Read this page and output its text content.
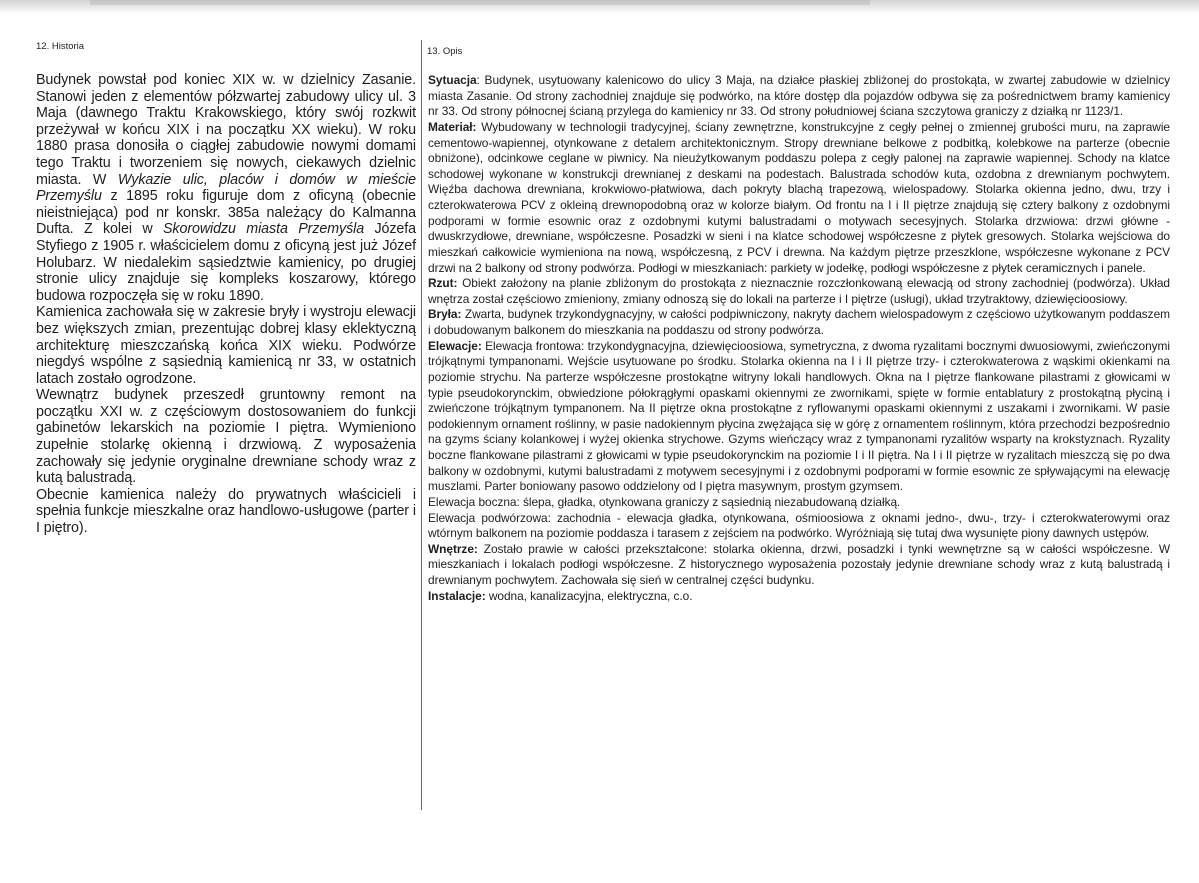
12. Historia	13. Opis

Budynek powstał pod koniec XIX w. w dzielnicy Zasanie. Stanowi jeden z elementów półzwartej zabudowy ulicy ul. 3 Maja (dawnego Traktu Krakowskiego, który swój rozkwit przeżywał w końcu XIX i na początku XX wieku). W roku 1880 prasa donosiła o ciągłej zabudowie nowymi domami tego Traktu i tworzeniem się nowych, ciekawych dzielnic miasta. W Wykazie ulic, placów i domów w mieście Przemyślu z 1895 roku figuruje dom z oficyną (obecnie nieistniejąca) pod nr konskr. 385a należący do Kalmanna Dufta. Z kolei w Skorowidzu miasta Przemyśla Józefa Styfiego z 1905 r. właścicielem domu z oficyną jest już Józef Holubarz. W niedalekim sąsiedztwie kamienicy, po drugiej stronie ulicy znajduje się kompleks koszarowy, którego budowa rozpoczęła się w roku 1890.

Kamienica zachowała się w zakresie bryły i wystroju elewacji bez większych zmian, prezentując dobrej klasy eklektyczną architekturę mieszczańską końca XIX wieku. Podwórze niegdyś wspólne z sąsiednią kamienicą nr 33, w ostatnich latach zostało ogrodzone.

Wewnątrz budynek przeszedł gruntowny remont na początku XXI w. z częściowym dostosowaniem do funkcji gabinetów lekarskich na poziomie I piętra. Wymieniono zupełnie stolarkę okienną i drzwiową. Z wyposażenia zachowały się jedynie oryginalne drewniane schody wraz z kutą balustradą.

Obecnie kamienica należy do prywatnych właścicieli i spełnia funkcje mieszkalne oraz handlowo-usługowe (parter i I piętro).

Sytuacja: Budynek, usytuowany kalenicowo do ulicy 3 Maja, na działce płaskiej zbliżonej do prostokąta, w zwartej zabudowie w dzielnicy miasta Zasanie. Od strony zachodniej znajduje się podwórko, na które dostęp dla pojazdów odbywa się za pośrednictwem bramy kamienicy nr 33. Od strony północnej ścianą przylega do kamienicy nr 33. Od strony południowej ściana szczytowa graniczy z działką nr 1123/1.

Materiał: Wybudowany w technologii tradycyjnej, ściany zewnętrzne, konstrukcyjne z cegły pełnej o zmiennej grubości muru, na zaprawie cementowo-wapiennej, otynkowane z detalem architektonicznym. Stropy drewniane belkowe z podbitką, kolebkowe na parterze (obecnie obniżone), odcinkowe ceglane w piwnicy. Na nieużytkowanym poddaszu polepa z cegły palonej na zaprawie wapiennej. Schody na klatce schodowej wykonane w konstrukcji drewnianej z deskami na podestach. Balustrada schodów kuta, ozdobna z drewnianym pochwytem. Więźba dachowa drewniana, krokwiowo-płatwiowa, dach pokryty blachą trapezową, wielospadowy. Stolarka okienna jedno, dwu, trzy i czterokwaterowa PCV z okleiną drewnopodobną oraz w kolorze białym. Od frontu na I i II piętrze znajdują się cztery balkony z ozdobnymi podporami w formie esownic oraz z ozdobnymi kutymi balustradami o motywach secesyjnych. Stolarka drzwiowa: drzwi główne - dwuskrzydłowe, drewniane, współczesne. Posadzki w sieni i na klatce schodowej współczesne z płytek gresowych. Stolarka wejściowa do mieszkań całkowicie wymieniona na nową, współczesną, z PCV i drewna. Na każdym piętrze przeszklone, współczesne wykonane z PCV drzwi na 2 balkony od strony podwórza. Podłogi w mieszkaniach: parkiety w jodełkę, podłogi współczesne z płytek ceramicznych i panele.

Rzut: Obiekt założony na planie zbliżonym do prostokąta z nieznacznie rozczłonkowaną elewacją od strony zachodniej (podwórza). Układ wnętrza został częściowo zmieniony, zmiany odnoszą się do lokali na parterze i I piętrze (usługi), układ trzytraktowy, dziewięcioosiowy.

Bryła: Zwarta, budynek trzykondygnacyjny, w całości podpiwniczony, nakryty dachem wielospadowym z częściowo użytkowanym poddaszem i dobudowanym balkonem do mieszkania na poddaszu od strony podwórza.

Elewacje: Elewacja frontowa: trzykondygnacyjna, dziewięcioosiowa, symetryczna, z dwoma ryzalitami bocznymi dwuosiowymi, zwieńczonymi trójkątnymi tympanonami. Wejście usytuowane po środku. Stolarka okienna na I i II piętrze trzy- i czterokwaterowa z wąskimi okienkami na poziomie strychu. Na parterze współczesne prostokątne witryny lokali handlowych. Okna na I piętrze flankowane pilastrami z głowicami w typie pseudokorynckim, obwiedzione półokrągłymi opaskami okiennymi ze zwornikami, spięte w formie entablatury z prostokątną płyciną i zwieńczone trójkątnym tympanonem. Na II piętrze okna prostokątne z ryflowanymi opaskami okiennymi z uszakami i zwornikami. W pasie podokiennym ornament roślinny, w pasie nadokiennym płycina zwężająca się w górę z ornamentem roślinnym, która przechodzi bezpośrednio na gzyms ściany kolankowej i wyżej okienka strychowe. Gzyms wieńczący wraz z tympanonami ryzalitów wsparty na krokstyznach. Ryzality boczne flankowane pilastrami z głowicami w typie pseudokorynckim na poziomie I i II piętra. Na I i II piętrze w ryzalitach mieszczą się po dwa balkony w ozdobnymi, kutymi balustradami z motywem secesyjnymi i z ozdobnymi podporami w formie esownic ze spływającymi na elewację muszlami. Parter boniowany pasowo oddzielony od I piętra masywnym, prostym gzymsem.

Elewacja boczna: ślepa, gładka, otynkowana graniczy z sąsiednią niezabudowaną działką.

Elewacja podwórzowa: zachodnia - elewacja gładka, otynkowana, ośmioosiowa z oknami jedno-, dwu-, trzy- i czterokwaterowymi oraz wtórnym balkonem na poziomie poddasza i tarasem z zejściem na podwórko. Wyróżniają się tutaj dwa wysunięte piony dawnych ustępów.

Wnętrze: Zostało prawie w całości przekształcone: stolarka okienna, drzwi, posadzki i tynki wewnętrzne są w całości współczesne. W mieszkaniach i lokalach podłogi współczesne. Z historycznego wyposażenia pozostały jedynie drewniane schody wraz z kutą balustradą i drewnianym pochwytem. Zachowała się sień w centralnej części budynku.

Instalacje: wodna, kanalizacyjna, elektryczna, c.o.
